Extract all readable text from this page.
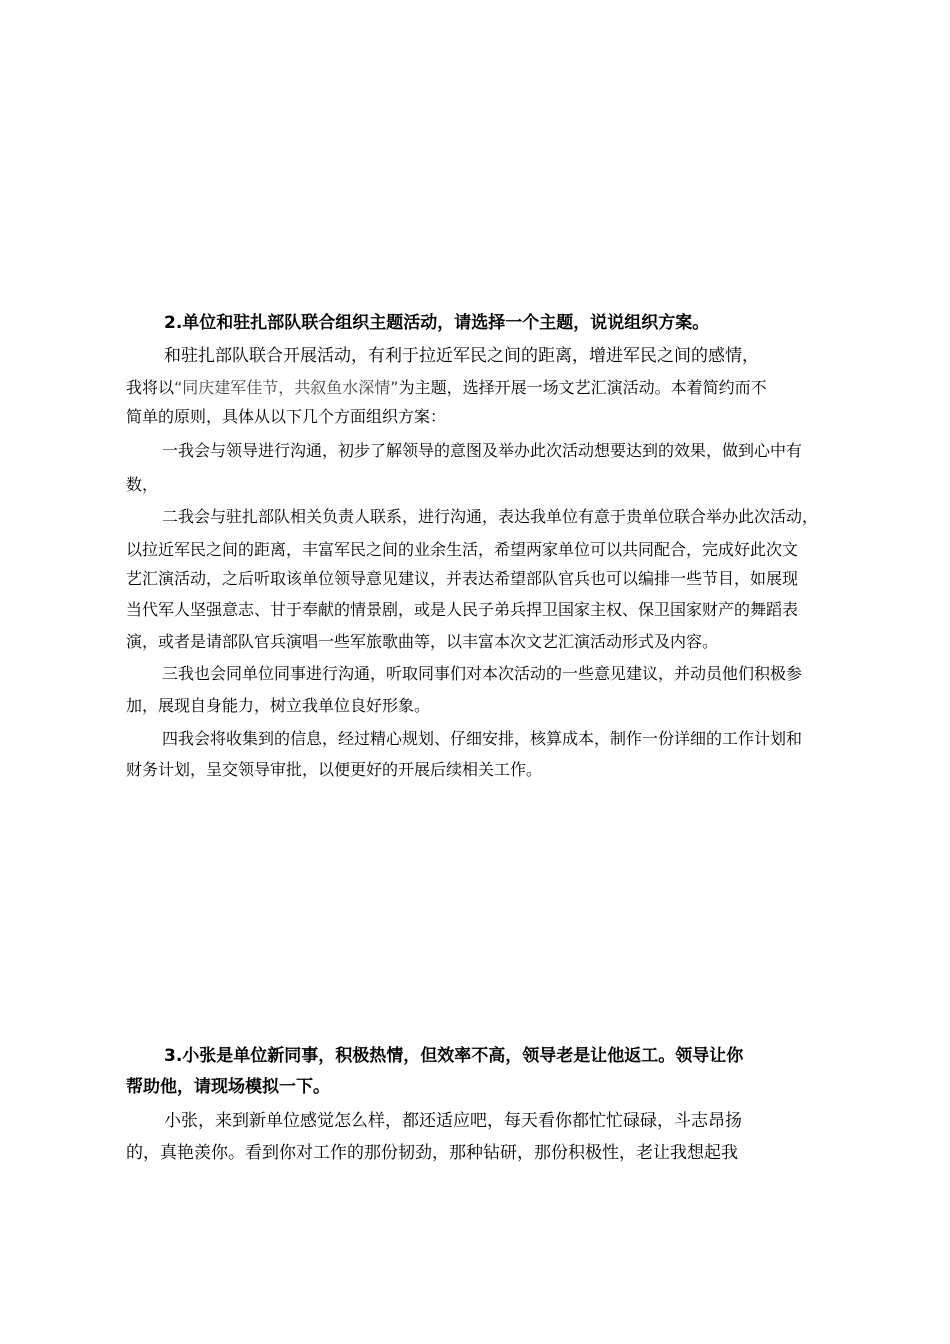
2.单位和驻扎部队联合组织主题活动，请选择一个主题，说说组织方案。
和驻扎部队联合开展活动，有利于拉近军民之间的距离，增进军民之间的感情，
我将以“同庆建军佳节，共叙鱼水深情”为主题，选择开展一场文艺汇演活动。本着简约而不
简单的原则，具体从以下几个方面组织方案：
一我会与领导进行沟通，初步了解领导的意图及举办此次活动想要达到的效果，做到心中有
数，
二我会与驻扎部队相关负责人联系，进行沟通，表达我单位有意于贵单位联合举办此次活动，
以拉近军民之间的距离，丰富军民之间的业余生活，希望两家单位可以共同配合，完成好此次文
艺汇演活动，之后听取该单位领导意见建议，并表达希望部队官兵也可以编排一些节目，如展现
当代军人坚强意志、甘于奉献的情景剧，或是人民子弟兵捍卫国家主权、保卫国家财产的舞蹈表
演，或者是请部队官兵演唱一些军旅歌曲等，以丰富本次文艺汇演活动形式及内容。
三我也会同单位同事进行沟通，听取同事们对本次活动的一些意见建议，并动员他们积极参
加，展现自身能力，树立我单位良好形象。
四我会将收集到的信息，经过精心规划、仔细安排，核算成本，制作一份详细的工作计划和
财务计划，呈交领导审批，以便更好的开展后续相关工作。
3.小张是单位新同事，积极热情，但效率不高，领导老是让他返工。领导让你
帮助他，请现场模拟一下。
小张，来到新单位感觉怎么样，都还适应吧，每天看你都忙忙碌碌，斗志昂扬
的，真艳羡你。看到你对工作的那份韧劲，那种钻研，那份积极性，老让我想起我
